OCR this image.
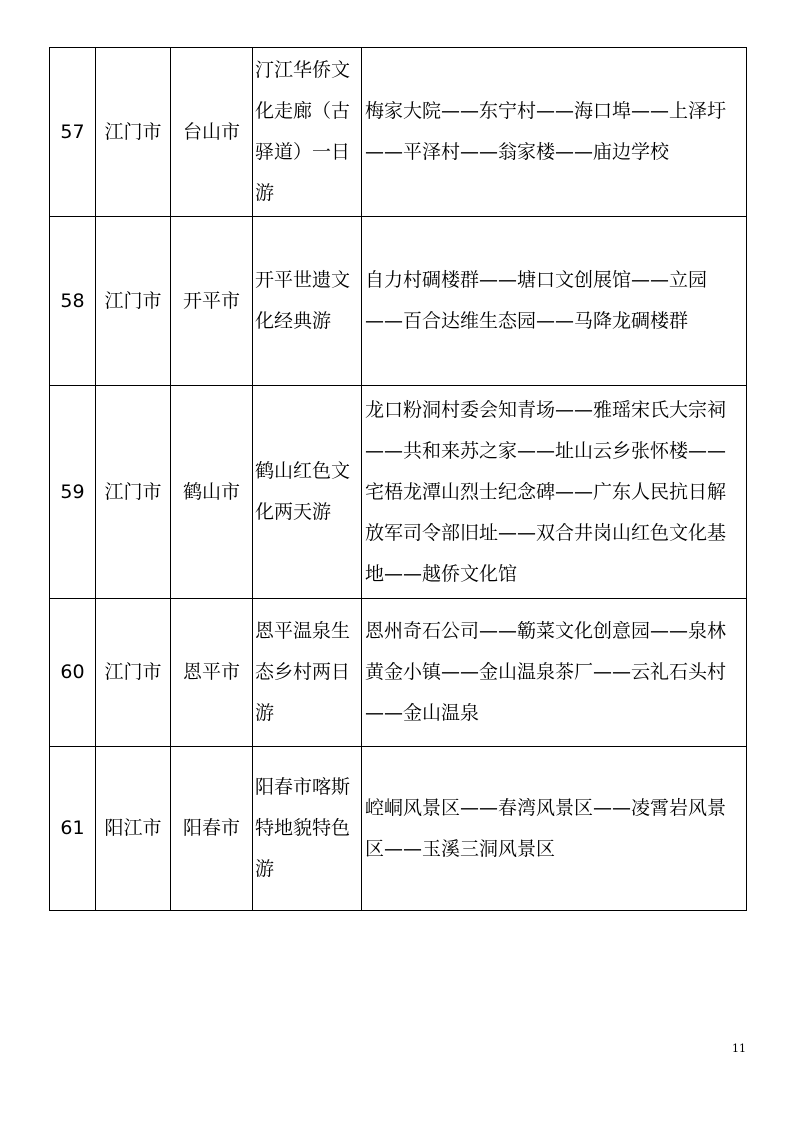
57	江门市	台山市	汀江华侨文化走廊（古驿道）一日游	梅家大院——东宁村——海口埠——上泽圩——平泽村——翁家楼——庙边学校
58	江门市	开平市	开平世遗文化经典游	自力村碉楼群——塘口文创展馆——立园——百合达维生态园——马降龙碉楼群
59	江门市	鹤山市	鹤山红色文化两天游	龙口粉洞村委会知青场——雅瑶宋氏大宗祠——共和来苏之家——址山云乡张怀楼——宅梧龙潭山烈士纪念碑——广东人民抗日解放军司令部旧址——双合井岗山红色文化基地——越侨文化馆
60	江门市	恩平市	恩平温泉生态乡村两日游	恩州奇石公司——簕菜文化创意园——泉林黄金小镇——金山温泉茶厂——云礼石头村——金山温泉
61	阳江市	阳春市	阳春市喀斯特地貌特色游	崆峒风景区——春湾风景区——凌霄岩风景区——玉溪三洞风景区
11
